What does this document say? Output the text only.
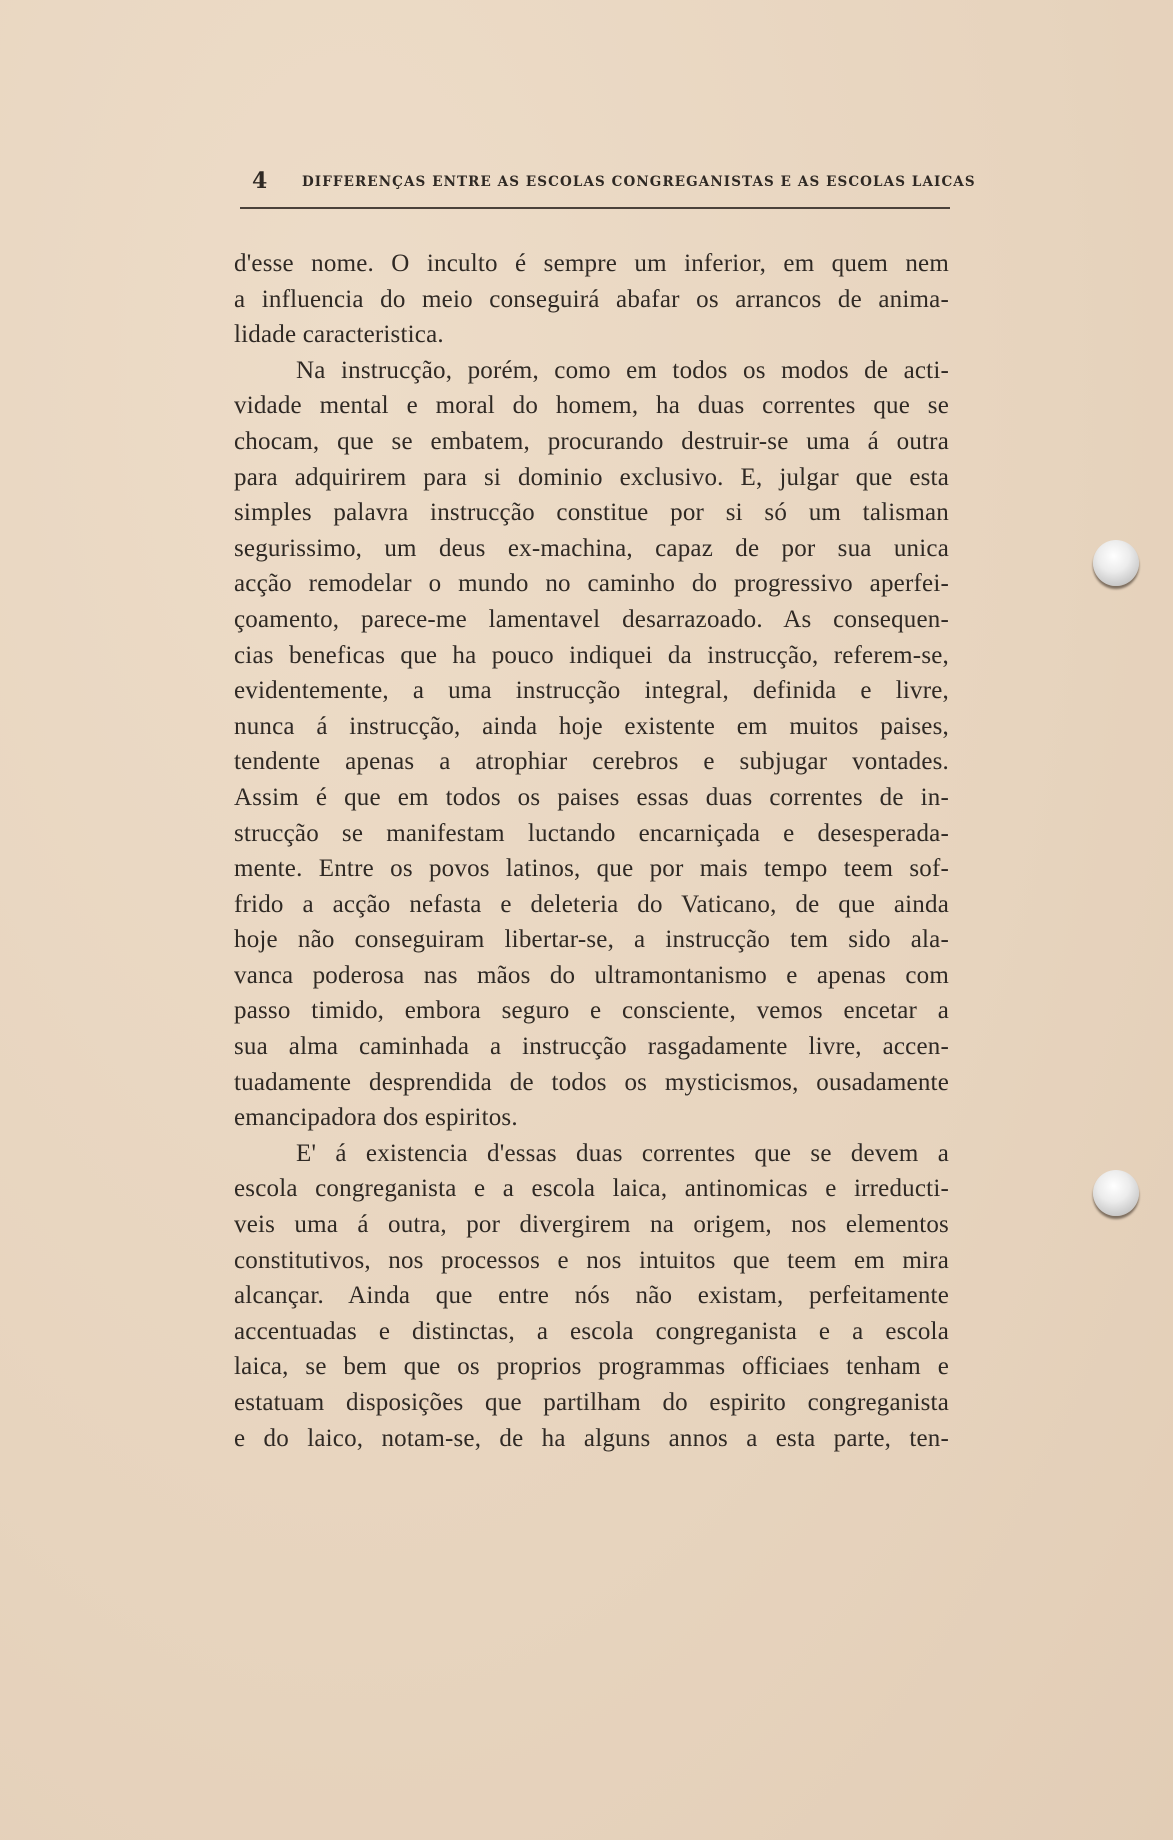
4	DIFFERENÇAS ENTRE AS ESCOLAS CONGREGANISTAS E AS ESCOLAS LAICAS
d'esse nome. O inculto é sempre um inferior, em quem nem
a influencia do meio conseguirá abafar os arrancos de anima-
lidade caracteristica.
Na instrucção, porém, como em todos os modos de acti-
vidade mental e moral do homem, ha duas correntes que se
chocam, que se embatem, procurando destruir-se uma á outra
para adquirirem para si dominio exclusivo. E, julgar que esta
simples palavra instrucção constitue por si só um talisman
segurissimo, um deus ex-machina, capaz de por sua unica
acção remodelar o mundo no caminho do progressivo aperfei-
çoamento, parece-me lamentavel desarrazoado. As consequen-
cias beneficas que ha pouco indiquei da instrucção, referem-se,
evidentemente, a uma instrucção integral, definida e livre,
nunca á instrucção, ainda hoje existente em muitos paises,
tendente apenas a atrophiar cerebros e subjugar vontades.
Assim é que em todos os paises essas duas correntes de in-
strucção se manifestam luctando encarniçada e desesperada-
mente. Entre os povos latinos, que por mais tempo teem sof-
frido a acção nefasta e deleteria do Vaticano, de que ainda
hoje não conseguiram libertar-se, a instrucção tem sido ala-
vanca poderosa nas mãos do ultramontanismo e apenas com
passo timido, embora seguro e consciente, vemos encetar a
sua alma caminhada a instrucção rasgadamente livre, accen-
tuadamente desprendida de todos os mysticismos, ousadamente
emancipadora dos espiritos.
E' á existencia d'essas duas correntes que se devem a
escola congreganista e a escola laica, antinomicas e irreducti-
veis uma á outra, por divergirem na origem, nos elementos
constitutivos, nos processos e nos intuitos que teem em mira
alcançar. Ainda que entre nós não existam, perfeitamente
accentuadas e distinctas, a escola congreganista e a escola
laica, se bem que os proprios programmas officiaes tenham e
estatuam disposições que partilham do espirito congreganista
e do laico, notam-se, de ha alguns annos a esta parte, ten-
